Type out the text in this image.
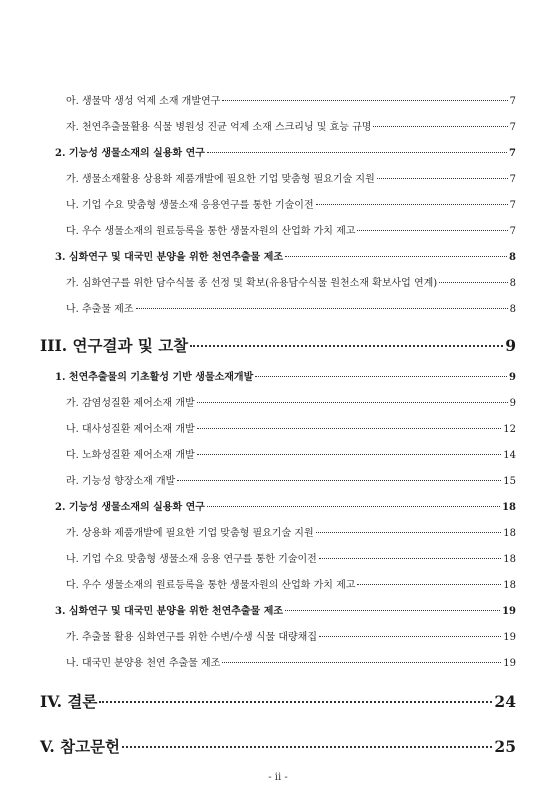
아. 생물막 생성 억제 소재 개발연구	7
자. 천연추출물활용 식물 병원성 진균 억제 소재 스크리닝 및 효능 규명	7
2. 기능성 생물소재의 실용화 연구	7
가. 생물소재활용 상용화 제품개발에 필요한 기업 맞춤형 필요기술 지원	7
나. 기업 수요 맞춤형 생물소재 응용연구를 통한 기술이전	7
다. 우수 생물소재의 원료등록을 통한 생물자원의 산업화 가치 제고	7
3. 심화연구 및 대국민 분양을 위한 천연추출물 제조	8
가. 심화연구를 위한 담수식물 종 선정 및 확보(유용담수식물 원천소재 확보사업 연계)	8
나. 추출물 제조	8
III. 연구결과 및 고찰	9
1. 천연추출물의 기초활성 기반 생물소재개발	9
가. 감염성질환 제어소재 개발	9
나. 대사성질환 제어소재 개발	12
다. 노화성질환 제어소재 개발	14
라. 기능성 향장소재 개발	15
2. 기능성 생물소재의 실용화 연구	18
가. 상용화 제품개발에 필요한 기업 맞춤형 필요기술 지원	18
나. 기업 수요 맞춤형 생물소재 응용 연구를 통한 기술이전	18
다. 우수 생물소재의 원료등록을 통한 생물자원의 산업화 가치 제고	18
3. 심화연구 및 대국민 분양을 위한 천연추출물 제조	19
가. 추출물 활용 심화연구를 위한 수변/수생 식물 대량채집	19
나. 대국민 분양용 천연 추출물 제조	19
IV. 결론	24
V. 참고문헌	25
- ii -
